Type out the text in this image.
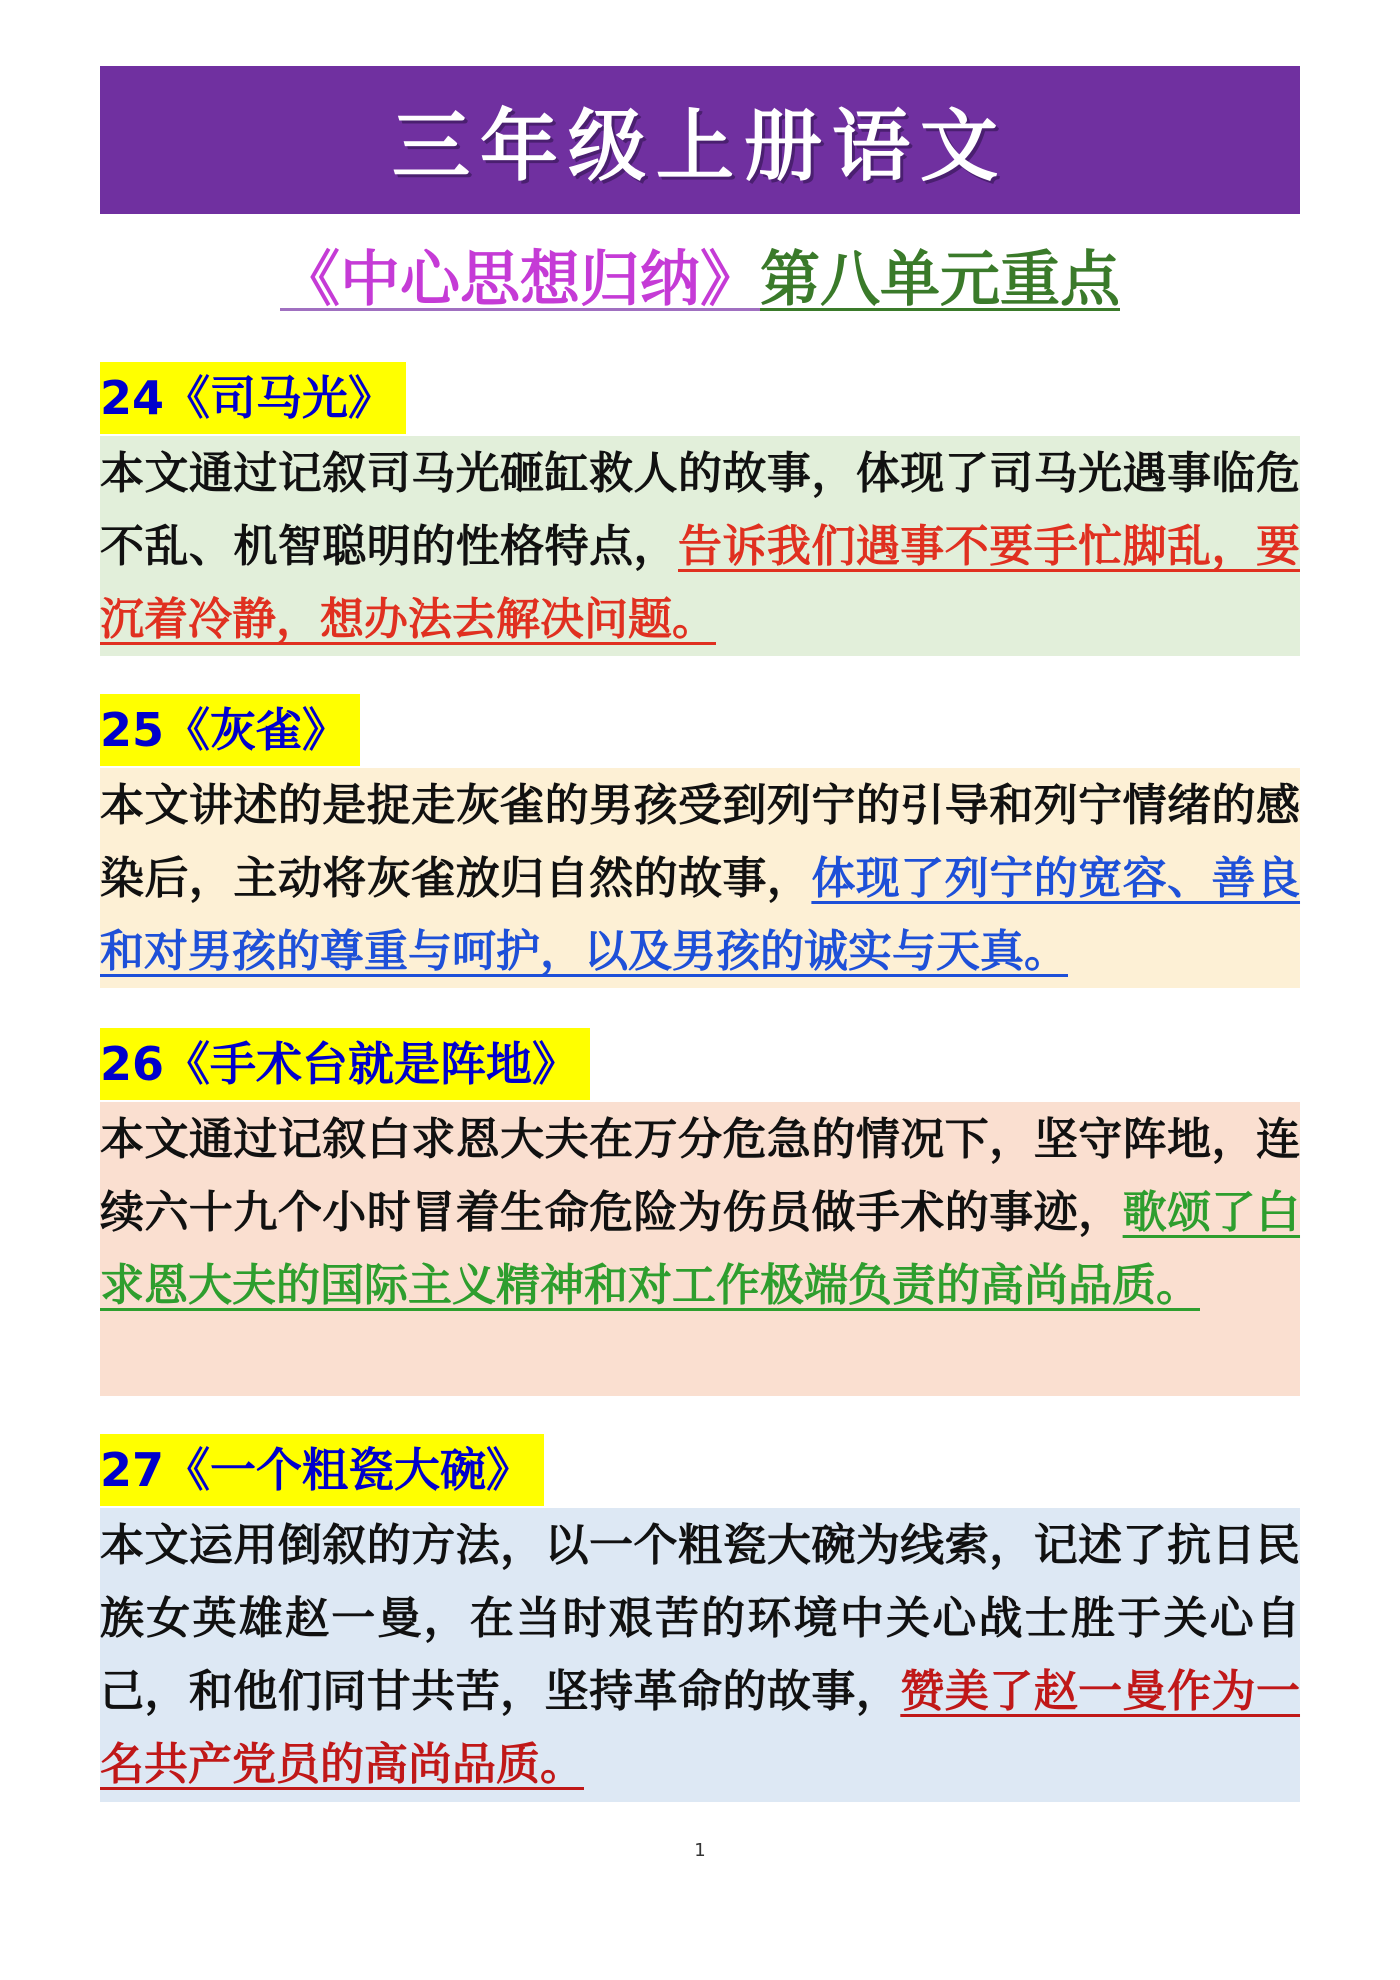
三年级上册语文
《中心思想归纳》 第八单元重点
24《司马光》
本文通过记叙司马光砸缸救人的故事，体现了司马光遇事临危不乱、机智聪明的性格特点，告诉我们遇事不要手忙脚乱，要沉着冷静，想办法去解决问题。
25《灰雀》
本文讲述的是捉走灰雀的男孩受到列宁的引导和列宁情绪的感染后，主动将灰雀放归自然的故事，体现了列宁的宽容、善良和对男孩的尊重与呵护，以及男孩的诚实与天真。
26《手术台就是阵地》
本文通过记叙白求恩大夫在万分危急的情况下，坚守阵地，连续六十九个小时冒着生命危险为伤员做手术的事迹，歌颂了白求恩大夫的国际主义精神和对工作极端负责的高尚品质。
27《一个粗瓷大碗》
本文运用倒叙的方法，以一个粗瓷大碗为线索，记述了抗日民族女英雄赵一曼，在当时艰苦的环境中关心战士胜于关心自己，和他们同甘共苦，坚持革命的故事，赞美了赵一曼作为一名共产党员的高尚品质。
1
